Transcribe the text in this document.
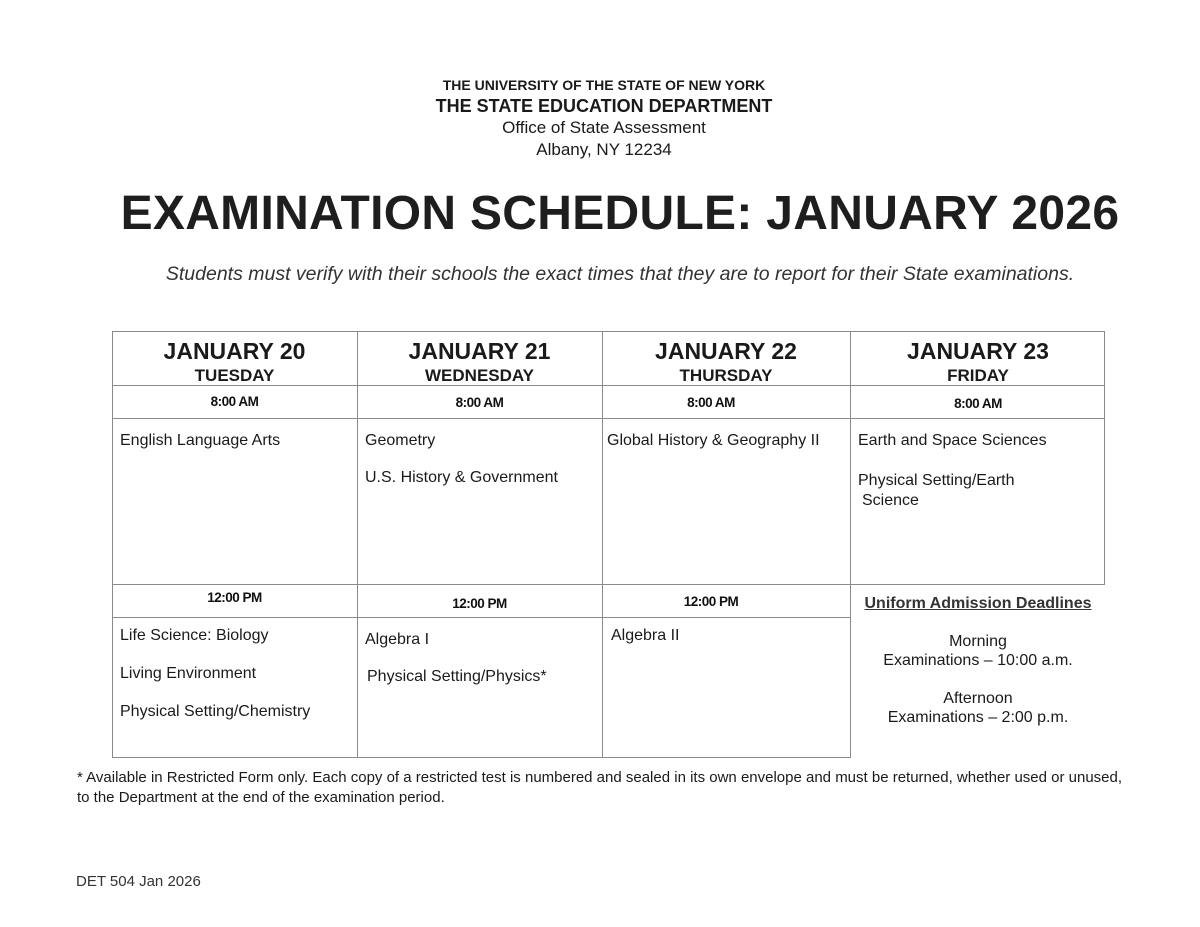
THE UNIVERSITY OF THE STATE OF NEW YORK
THE STATE EDUCATION DEPARTMENT
Office of State Assessment
Albany, NY 12234
EXAMINATION SCHEDULE: JANUARY 2026
Students must verify with their schools the exact times that they are to report for their State examinations.
JANUARY 20
TUESDAY
8:00 AM
English Language Arts
12:00 PM
Life Science: Biology
Living Environment
Physical Setting/Chemistry
JANUARY 21
WEDNESDAY
8:00 AM
Geometry
U.S. History & Government
12:00 PM
Algebra I
Physical Setting/Physics*
JANUARY 22
THURSDAY
8:00 AM
Global History & Geography II
12:00 PM
Algebra II
JANUARY 23
FRIDAY
8:00 AM
Earth and Space Sciences
Physical Setting/Earth
Science
Uniform Admission Deadlines
Morning
Examinations – 10:00 a.m.
Afternoon
Examinations – 2:00 p.m.
* Available in Restricted Form only. Each copy of a restricted test is numbered and sealed in its own envelope and must be returned, whether used or unused, to the Department at the end of the examination period.
DET 504 Jan 2026
